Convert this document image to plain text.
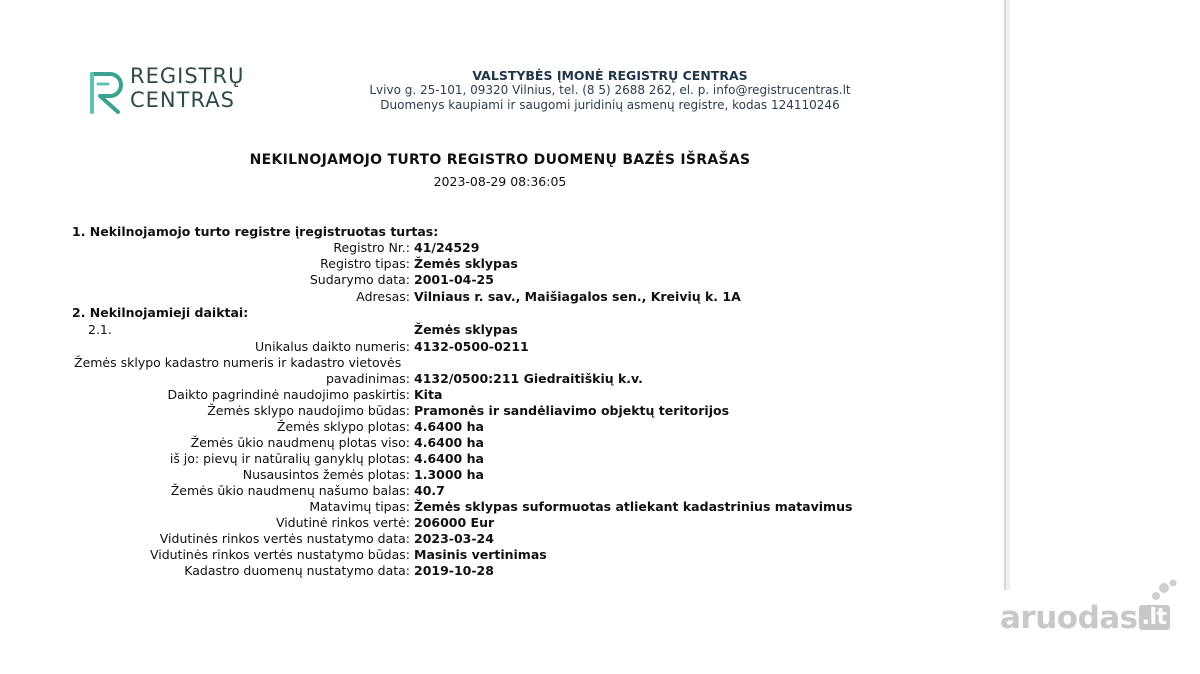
REGISTRŲ
CENTRAS
VALSTYBĖS ĮMONĖ REGISTRŲ CENTRAS
Lvivo g. 25-101, 09320 Vilnius, tel. (8 5) 2688 262, el. p. info@registrucentras.lt
Duomenys kaupiami ir saugomi juridinių asmenų registre, kodas 124110246
NEKILNOJAMOJO TURTO REGISTRO DUOMENŲ BAZĖS IŠRAŠAS
2023-08-29 08:36:05
1. Nekilnojamojo turto registre įregistruotas turtas:
Registro Nr.: 41/24529
Registro tipas: Žemės sklypas
Sudarymo data: 2001-04-25
Adresas: Vilniaus r. sav., Maišiagalos sen., Kreivių k. 1A
2. Nekilnojamieji daiktai:
2.1.	Žemės sklypas
Unikalus daikto numeris: 4132-0500-0211
Žemės sklypo kadastro numeris ir kadastro vietovės
pavadinimas: 4132/0500:211 Giedraitiškių k.v.
Daikto pagrindinė naudojimo paskirtis: Kita
Žemės sklypo naudojimo būdas: Pramonės ir sandėliavimo objektų teritorijos
Žemės sklypo plotas: 4.6400 ha
Žemės ūkio naudmenų plotas viso: 4.6400 ha
iš jo: pievų ir natūralių ganyklų plotas: 4.6400 ha
Nusausintos žemės plotas: 1.3000 ha
Žemės ūkio naudmenų našumo balas: 40.7
Matavimų tipas: Žemės sklypas suformuotas atliekant kadastrinius matavimus
Vidutinė rinkos vertė: 206000 Eur
Vidutinės rinkos vertės nustatymo data: 2023-03-24
Vidutinės rinkos vertės nustatymo būdas: Masinis vertinimas
Kadastro duomenų nustatymo data: 2019-10-28
aruodas .lt
